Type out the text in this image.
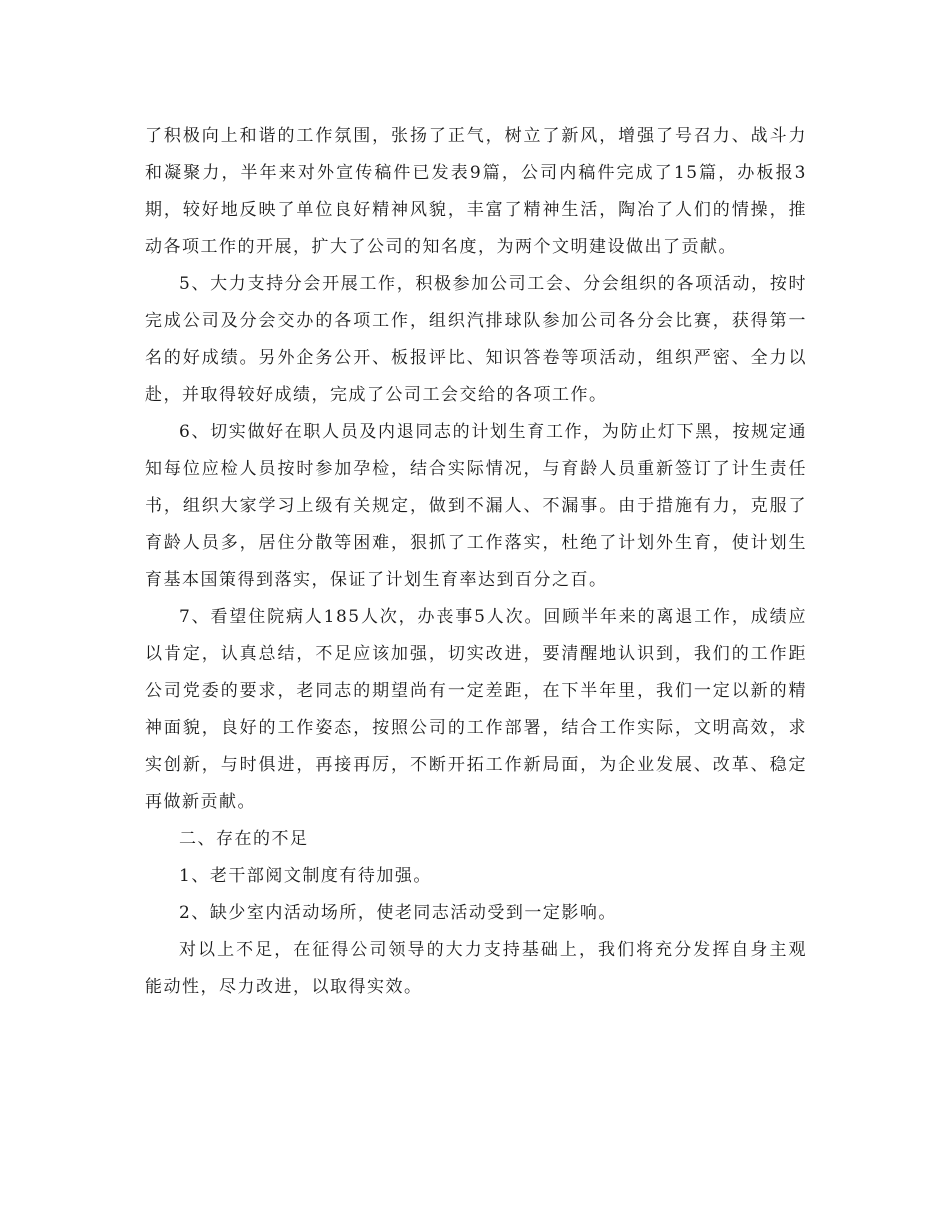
了积极向上和谐的工作氛围，张扬了正气，树立了新风，增强了号召力、战斗力和凝聚力，半年来对外宣传稿件已发表9篇，公司内稿件完成了15篇，办板报3期，较好地反映了单位良好精神风貌，丰富了精神生活，陶冶了人们的情操，推动各项工作的开展，扩大了公司的知名度，为两个文明建设做出了贡献。

5、大力支持分会开展工作，积极参加公司工会、分会组织的各项活动，按时完成公司及分会交办的各项工作，组织汽排球队参加公司各分会比赛，获得第一名的好成绩。另外企务公开、板报评比、知识答卷等项活动，组织严密、全力以赴，并取得较好成绩，完成了公司工会交给的各项工作。

6、切实做好在职人员及内退同志的计划生育工作，为防止灯下黑，按规定通知每位应检人员按时参加孕检，结合实际情况，与育龄人员重新签订了计生责任书，组织大家学习上级有关规定，做到不漏人、不漏事。由于措施有力，克服了育龄人员多，居住分散等困难，狠抓了工作落实，杜绝了计划外生育，使计划生育基本国策得到落实，保证了计划生育率达到百分之百。

7、看望住院病人185人次，办丧事5人次。回顾半年来的离退工作，成绩应以肯定，认真总结，不足应该加强，切实改进，要清醒地认识到，我们的工作距公司党委的要求，老同志的期望尚有一定差距，在下半年里，我们一定以新的精神面貌，良好的工作姿态，按照公司的工作部署，结合工作实际，文明高效，求实创新，与时俱进，再接再厉，不断开拓工作新局面，为企业发展、改革、稳定再做新贡献。

二、存在的不足

1、老干部阅文制度有待加强。

2、缺少室内活动场所，使老同志活动受到一定影响。

对以上不足，在征得公司领导的大力支持基础上，我们将充分发挥自身主观能动性，尽力改进，以取得实效。
